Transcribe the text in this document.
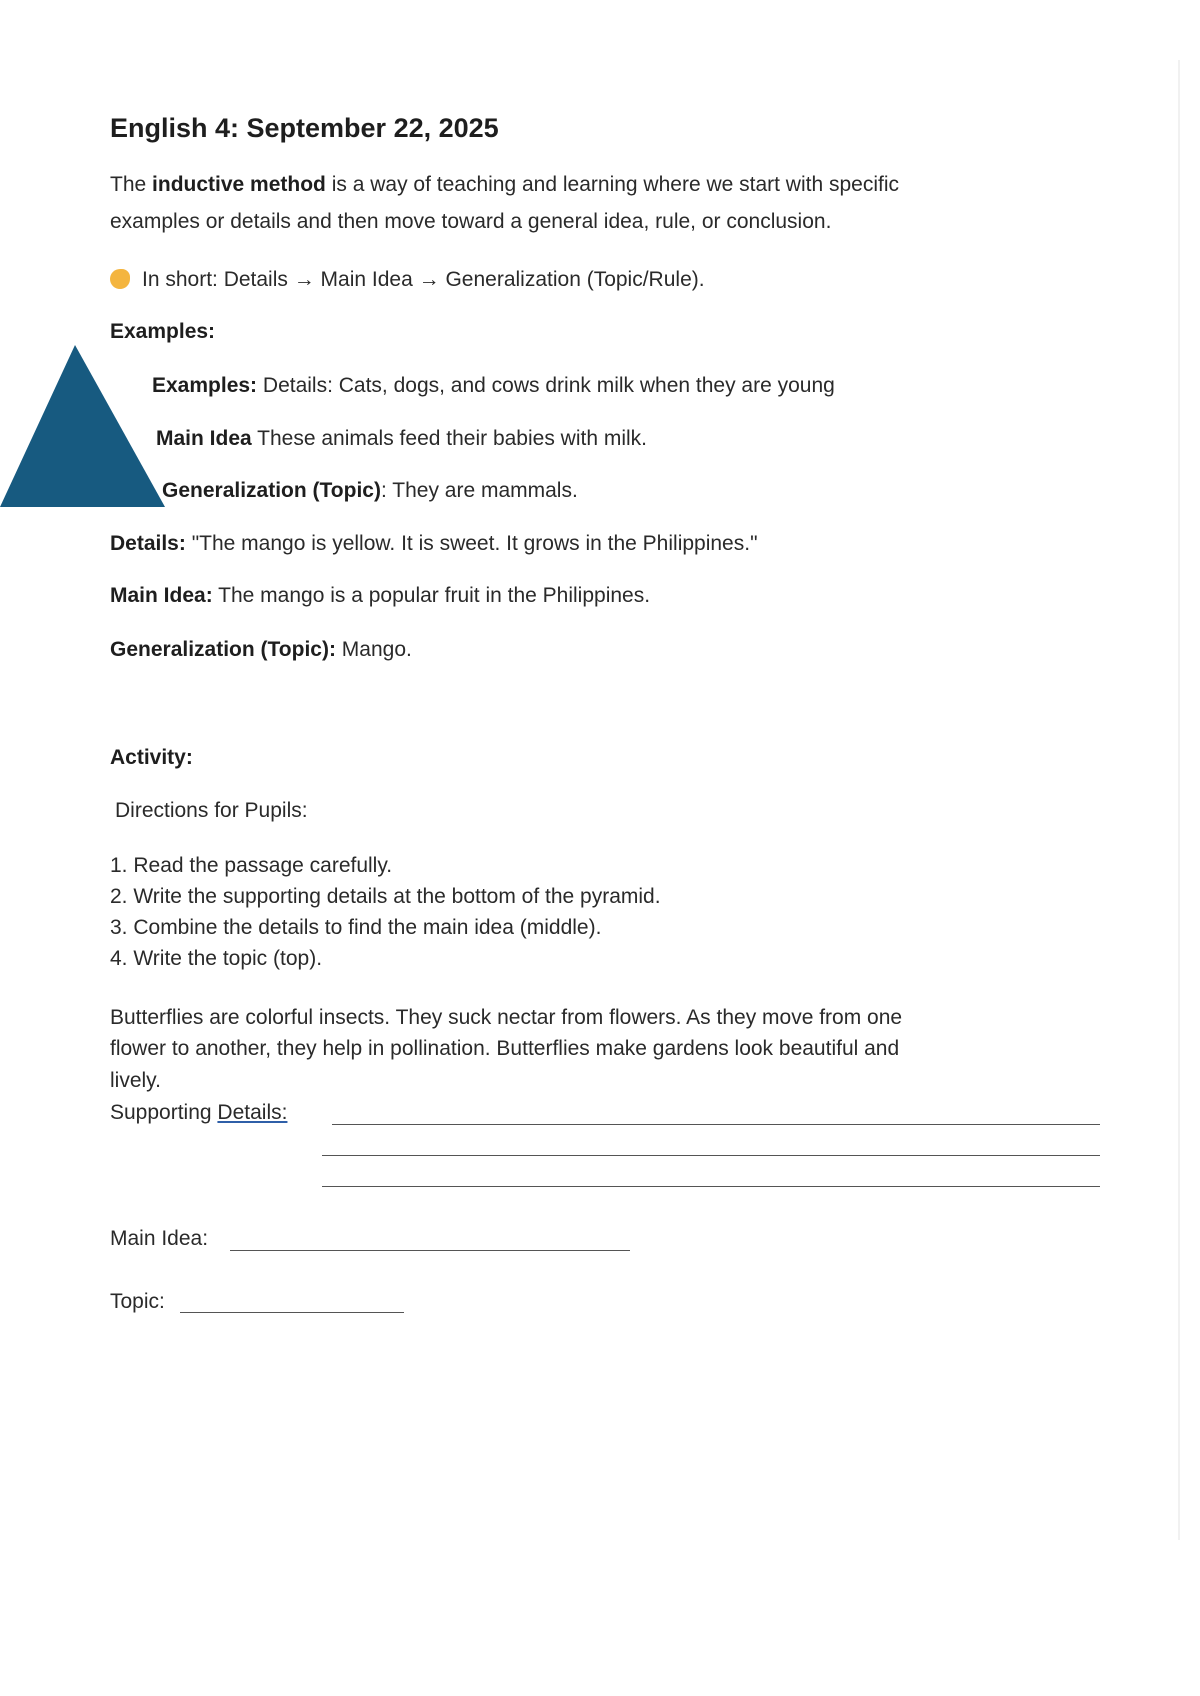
English 4: September 22, 2025
The inductive method is a way of teaching and learning where we start with specific
examples or details and then move toward a general idea, rule, or conclusion.
In short: Details → Main Idea → Generalization (Topic/Rule).
Examples:
Examples: Details: Cats, dogs, and cows drink milk when they are young
Main Idea These animals feed their babies with milk.
Generalization (Topic): They are mammals.
Details: "The mango is yellow. It is sweet. It grows in the Philippines."
Main Idea: The mango is a popular fruit in the Philippines.
Generalization (Topic): Mango.
Activity:
Directions for Pupils:
1. Read the passage carefully.
2. Write the supporting details at the bottom of the pyramid.
3. Combine the details to find the main idea (middle).
4. Write the topic (top).
Butterflies are colorful insects. They suck nectar from flowers. As they move from one
flower to another, they help in pollination. Butterflies make gardens look beautiful and
lively.
Supporting Details:
Main Idea:
Topic:
